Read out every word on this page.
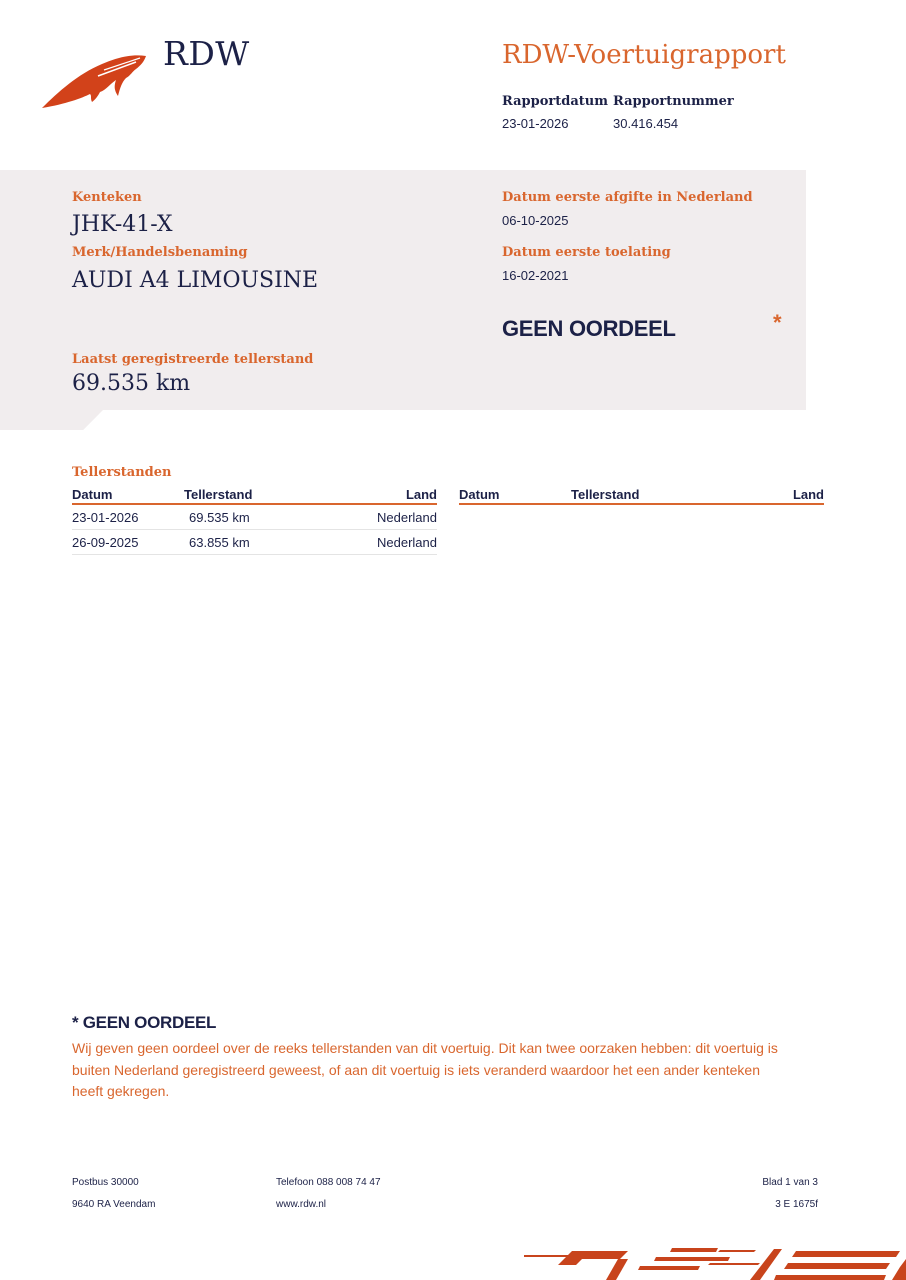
RDW	RDW-Voertuigrapport
Rapportdatum
23-01-2026
Rapportnummer
30.416.454
Kenteken
JHK-41-X
Merk/Handelsbenaming
AUDI A4 LIMOUSINE
Laatst geregistreerde tellerstand
69.535 km
Datum eerste afgifte in Nederland
06-10-2025
Datum eerste toelating
16-02-2021
GEEN OORDEEL	*
Tellerstanden
Datum	Tellerstand	Land
23-01-2026	69.535 km	Nederland
26-09-2025	63.855 km	Nederland
Datum	Tellerstand	Land
* GEEN OORDEEL
Wij geven geen oordeel over de reeks tellerstanden van dit voertuig. Dit kan twee oorzaken hebben: dit voertuig is buiten Nederland geregistreerd geweest, of aan dit voertuig is iets veranderd waardoor het een ander kenteken heeft gekregen.
Postbus 30000
9640 RA Veendam
Telefoon 088 008 74 47
www.rdw.nl
Blad 1 van 3
3 E 1675f
